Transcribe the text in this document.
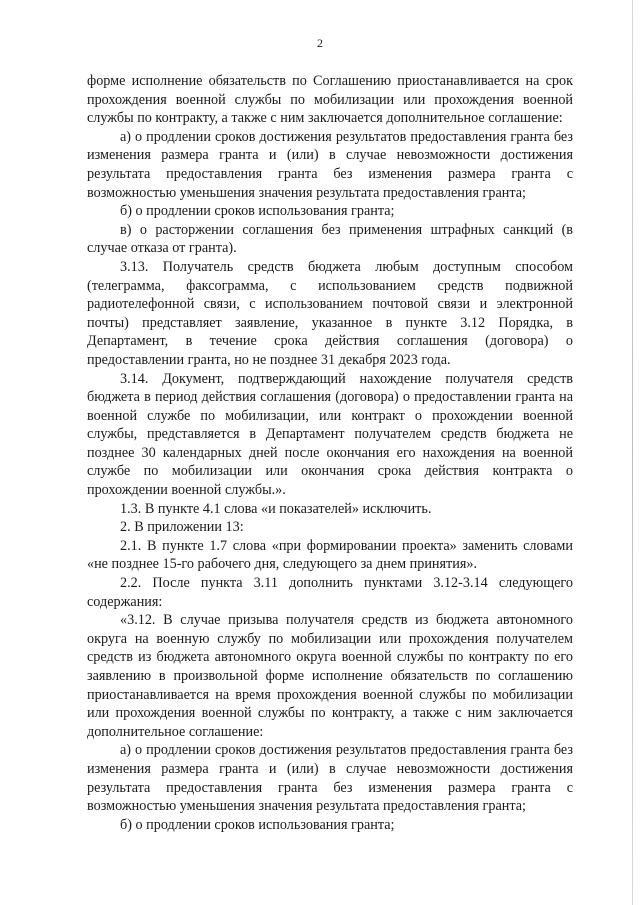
2

форме исполнение обязательств по Соглашению приостанавливается на срок прохождения военной службы по мобилизации или прохождения военной службы по контракту, а также с ним заключается дополнительное соглашение:

а) о продлении сроков достижения результатов предоставления гранта без изменения размера гранта и (или) в случае невозможности достижения результата предоставления гранта без изменения размера гранта с возможностью уменьшения значения результата предоставления гранта;

б) о продлении сроков использования гранта;

в) о расторжении соглашения без применения штрафных санкций (в случае отказа от гранта).

3.13. Получатель средств бюджета любым доступным способом (телеграмма, факсограмма, с использованием средств подвижной радиотелефонной связи, с использованием почтовой связи и электронной почты) представляет заявление, указанное в пункте 3.12 Порядка, в Департамент, в течение срока действия соглашения (договора) о предоставлении гранта, но не позднее 31 декабря 2023 года.

3.14. Документ, подтверждающий нахождение получателя средств бюджета в период действия соглашения (договора) о предоставлении гранта на военной службе по мобилизации, или контракт о прохождении военной службы, представляется в Департамент получателем средств бюджета не позднее 30 календарных дней после окончания его нахождения на военной службе по мобилизации или окончания срока действия контракта о прохождении военной службы.».

1.3. В пункте 4.1 слова «и показателей» исключить.

2. В приложении 13:

2.1. В пункте 1.7 слова «при формировании проекта» заменить словами «не позднее 15-го рабочего дня, следующего за днем принятия».

2.2. После пункта 3.11 дополнить пунктами 3.12-3.14 следующего содержания:

«3.12. В случае призыва получателя средств из бюджета автономного округа на военную службу по мобилизации или прохождения получателем средств из бюджета автономного округа военной службы по контракту по его заявлению в произвольной форме исполнение обязательств по соглашению приостанавливается на время прохождения военной службы по мобилизации или прохождения военной службы по контракту, а также с ним заключается дополнительное соглашение:

а) о продлении сроков достижения результатов предоставления гранта без изменения размера гранта и (или) в случае невозможности достижения результата предоставления гранта без изменения размера гранта с возможностью уменьшения значения результата предоставления гранта;

б) о продлении сроков использования гранта;
